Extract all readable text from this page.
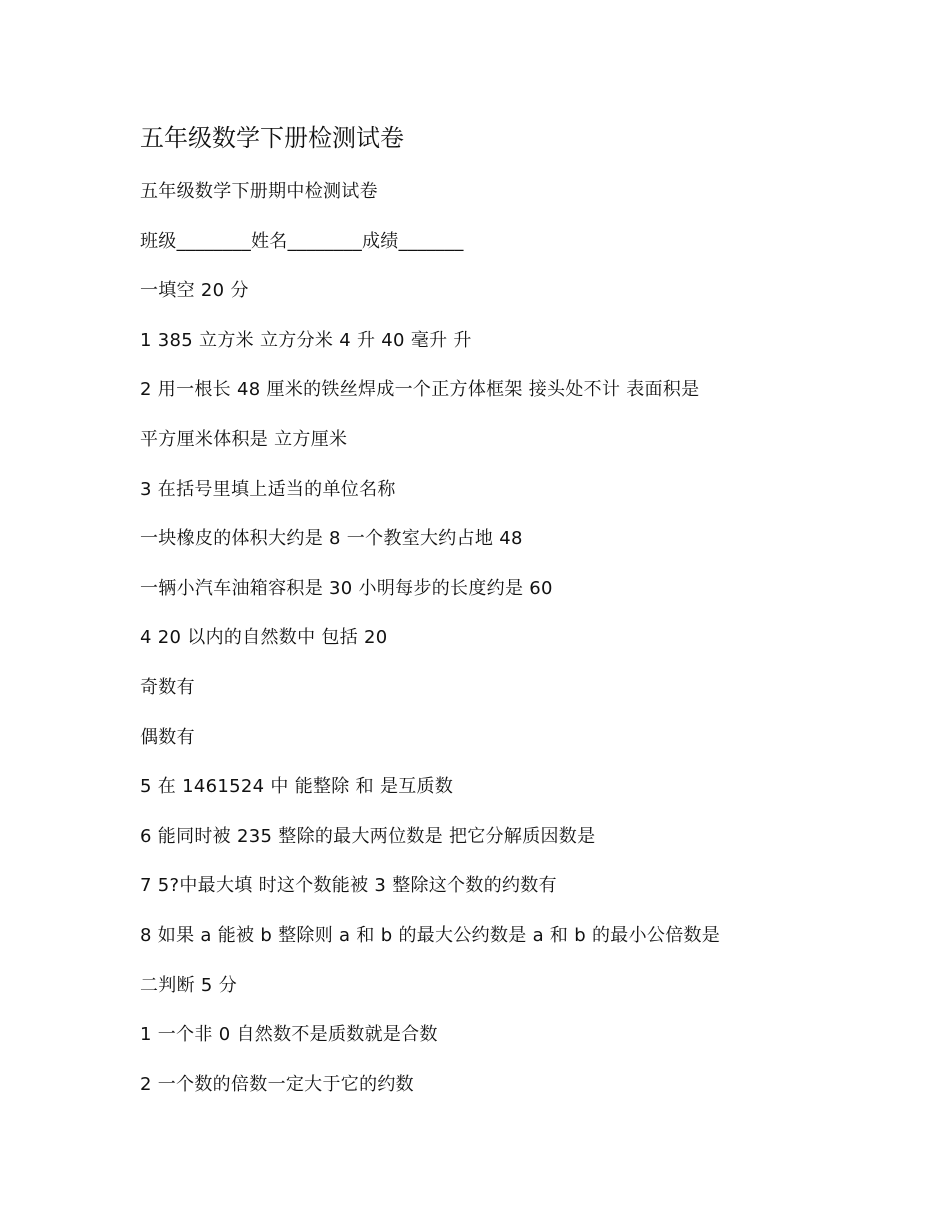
五年级数学下册检测试卷
五年级数学下册期中检测试卷
班级________姓名________成绩_______
一填空 20 分
1 385 立方米 立方分米 4 升 40 毫升 升
2 用一根长 48 厘米的铁丝焊成一个正方体框架 接头处不计 表面积是
平方厘米体积是 立方厘米
3 在括号里填上适当的单位名称
一块橡皮的体积大约是 8 一个教室大约占地 48
一辆小汽车油箱容积是 30 小明每步的长度约是 60
4 20 以内的自然数中 包括 20
奇数有
偶数有
5 在 1461524 中 能整除 和 是互质数
6 能同时被 235 整除的最大两位数是 把它分解质因数是
7 5?中最大填 时这个数能被 3 整除这个数的约数有
8 如果 a 能被 b 整除则 a 和 b 的最大公约数是 a 和 b 的最小公倍数是
二判断 5 分
1 一个非 0 自然数不是质数就是合数
2 一个数的倍数一定大于它的约数
